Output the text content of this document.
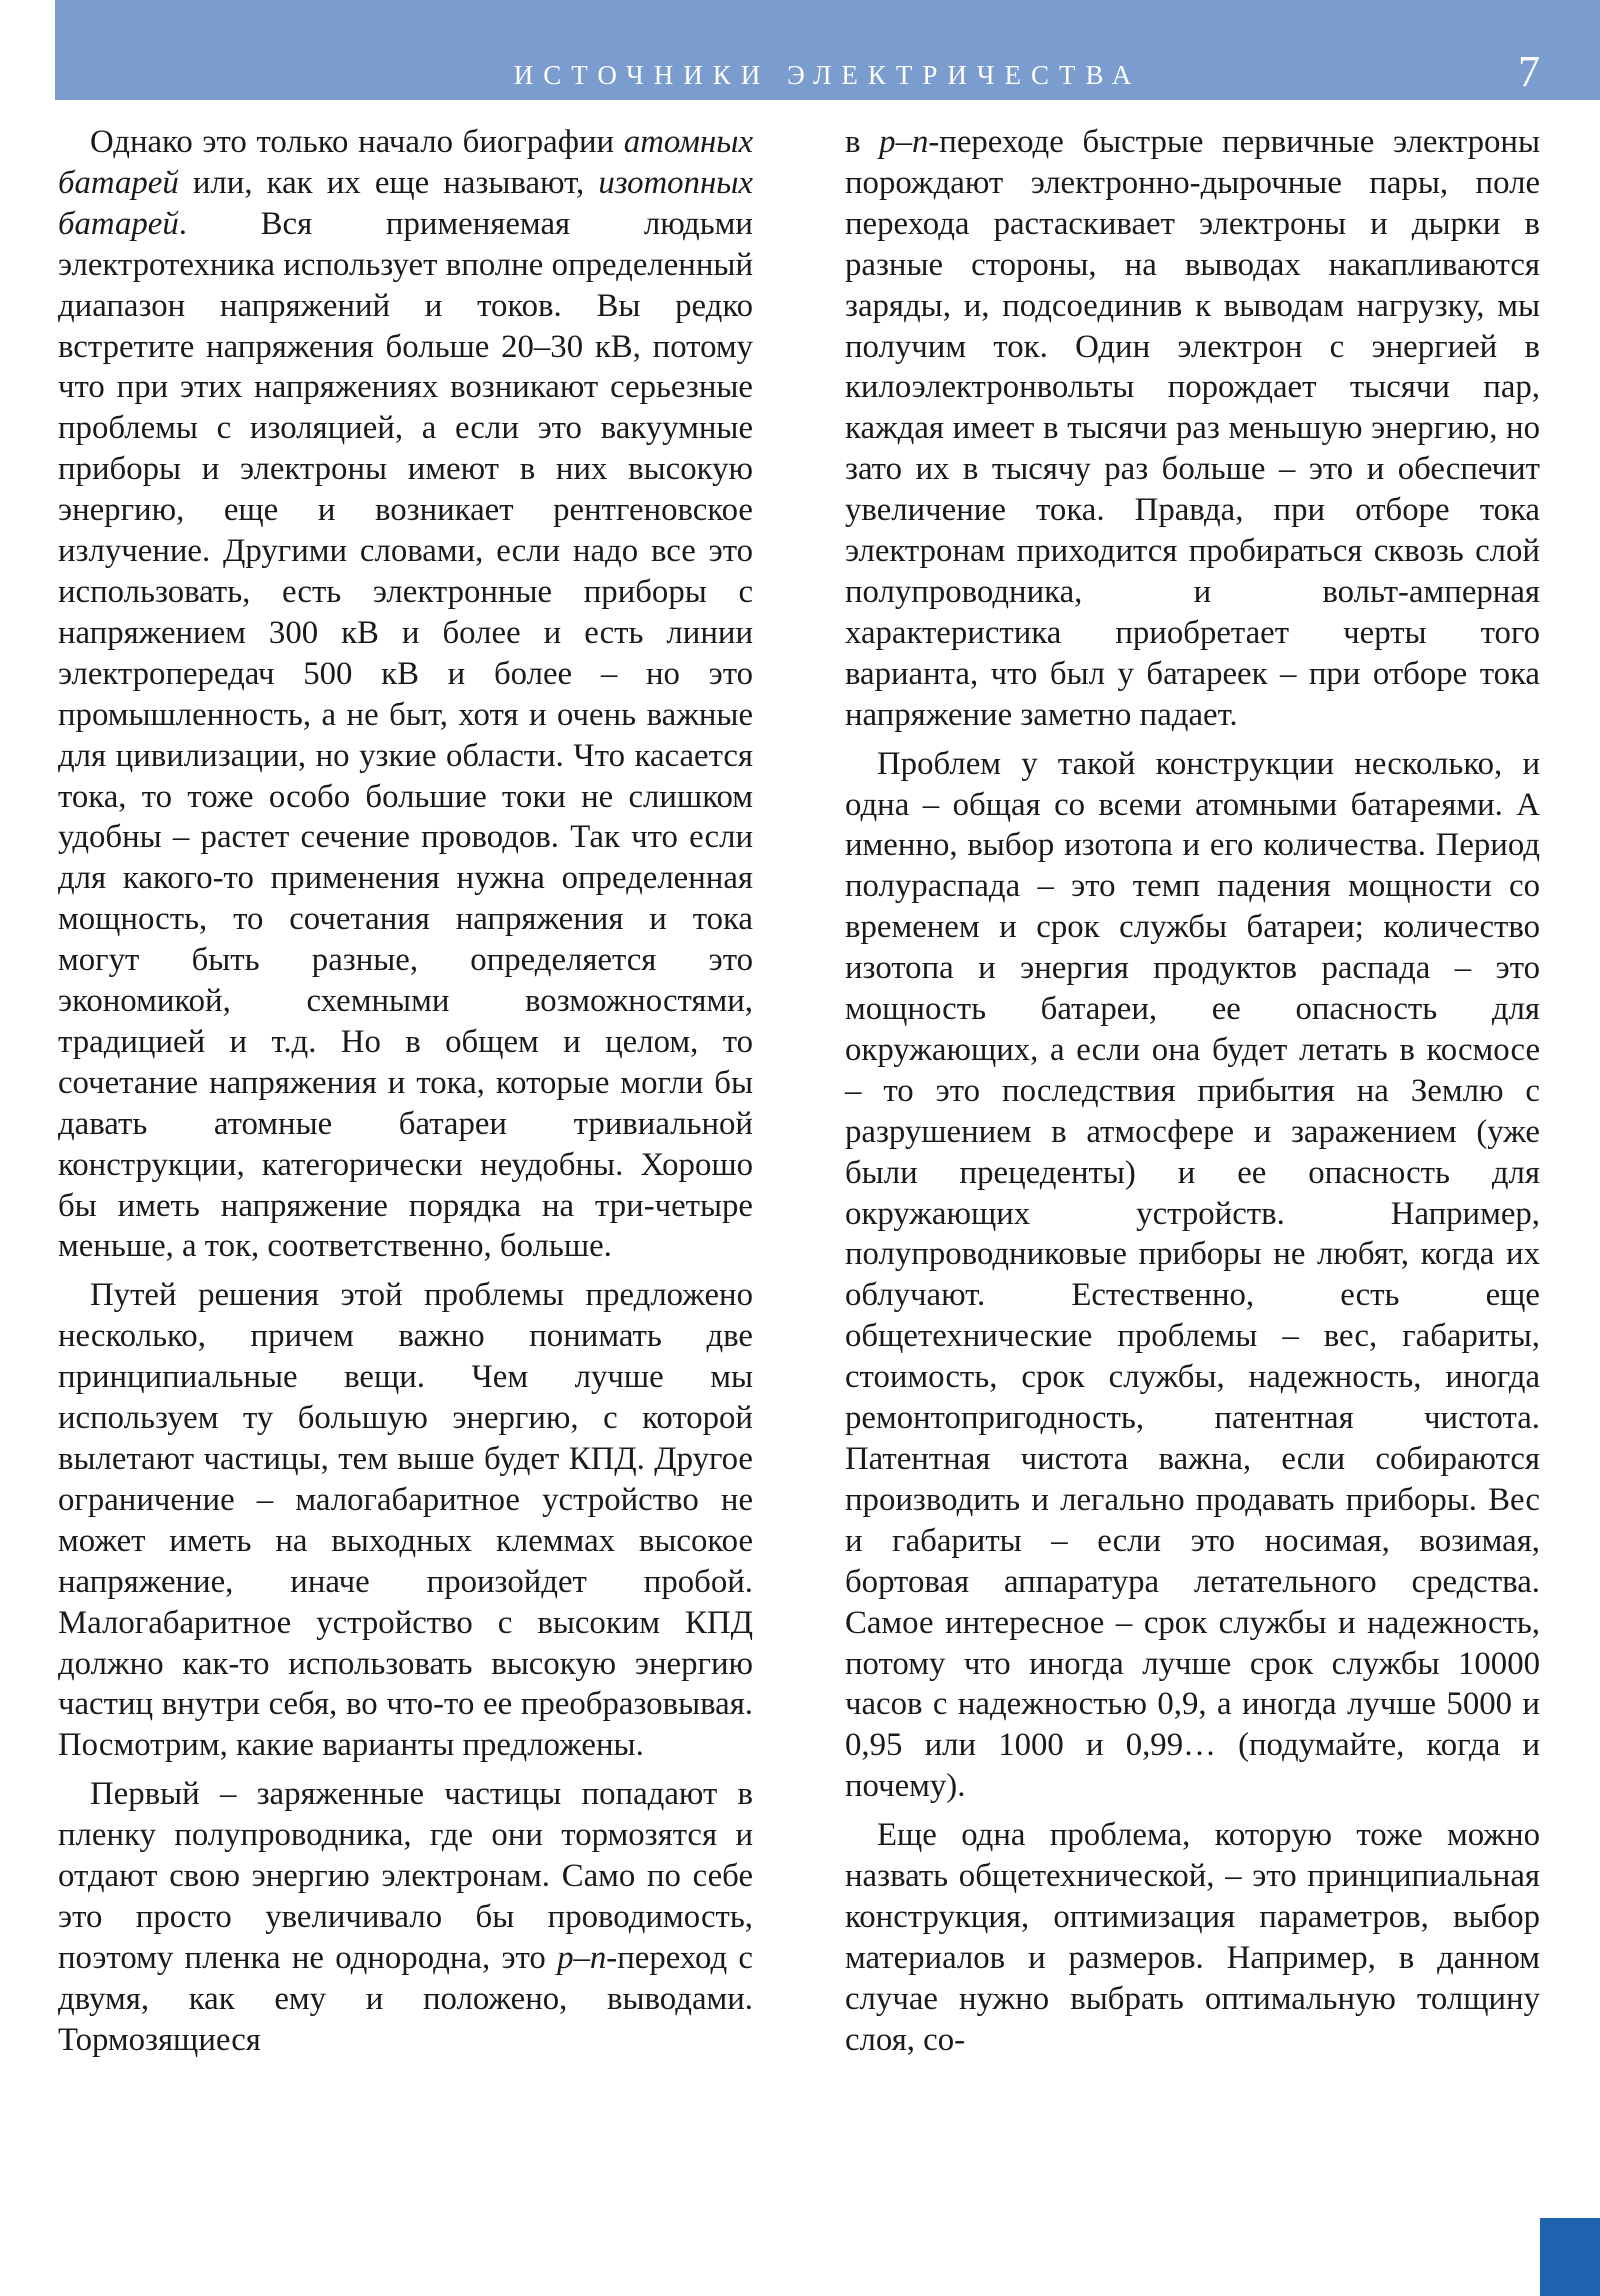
ИСТОЧНИКИ ЭЛЕКТРИЧЕСТВА	7

Однако это только начало биографии атомных батарей или, как их еще называют, изотопных батарей. Вся применяемая людьми электротехника использует вполне определенный диапазон напряжений и токов. Вы редко встретите напряжения больше 20–30 кВ, потому что при этих напряжениях возникают серьезные проблемы с изоляцией, а если это вакуумные приборы и электроны имеют в них высокую энергию, еще и возникает рентгеновское излучение. Другими словами, если надо все это использовать, есть электронные приборы с напряжением 300 кВ и более и есть линии электропередач 500 кВ и более – но это промышленность, а не быт, хотя и очень важные для цивилизации, но узкие области. Что касается тока, то тоже особо большие токи не слишком удобны – растет сечение проводов. Так что если для какого-то применения нужна определенная мощность, то сочетания напряжения и тока могут быть разные, определяется это экономикой, схемными возможностями, традицией и т.д. Но в общем и целом, то сочетание напряжения и тока, которые могли бы давать атомные батареи тривиальной конструкции, категорически неудобны. Хорошо бы иметь напряжение порядка на три-четыре меньше, а ток, соответственно, больше.

Путей решения этой проблемы предложено несколько, причем важно понимать две принципиальные вещи. Чем лучше мы используем ту большую энергию, с которой вылетают частицы, тем выше будет КПД. Другое ограничение – малогабаритное устройство не может иметь на выходных клеммах высокое напряжение, иначе произойдет пробой. Малогабаритное устройство с высоким КПД должно как-то использовать высокую энергию частиц внутри себя, во что-то ее преобразовывая. Посмотрим, какие варианты предложены.

Первый – заряженные частицы попадают в пленку полупроводника, где они тормозятся и отдают свою энергию электронам. Само по себе это просто увеличивало бы проводимость, поэтому пленка не однородна, это p–n-переход с двумя, как ему и положено, выводами. Тормозящиеся

в p–n-переходе быстрые первичные электроны порождают электронно-дырочные пары, поле перехода растаскивает электроны и дырки в разные стороны, на выводах накапливаются заряды, и, подсоединив к выводам нагрузку, мы получим ток. Один электрон с энергией в килоэлектронвольты порождает тысячи пар, каждая имеет в тысячи раз меньшую энергию, но зато их в тысячу раз больше – это и обеспечит увеличение тока. Правда, при отборе тока электронам приходится пробираться сквозь слой полупроводника, и вольт-амперная характеристика приобретает черты того варианта, что был у батареек – при отборе тока напряжение заметно падает.

Проблем у такой конструкции несколько, и одна – общая со всеми атомными батареями. А именно, выбор изотопа и его количества. Период полураспада – это темп падения мощности со временем и срок службы батареи; количество изотопа и энергия продуктов распада – это мощность батареи, ее опасность для окружающих, а если она будет летать в космосе – то это последствия прибытия на Землю с разрушением в атмосфере и заражением (уже были прецеденты) и ее опасность для окружающих устройств. Например, полупроводниковые приборы не любят, когда их облучают. Естественно, есть еще общетехнические проблемы – вес, габариты, стоимость, срок службы, надежность, иногда ремонтопригодность, патентная чистота. Патентная чистота важна, если собираются производить и легально продавать приборы. Вес и габариты – если это носимая, возимая, бортовая аппаратура летательного средства. Самое интересное – срок службы и надежность, потому что иногда лучше срок службы 10000 часов с надежностью 0,9, а иногда лучше 5000 и 0,95 или 1000 и 0,99… (подумайте, когда и почему).

Еще одна проблема, которую тоже можно назвать общетехнической, – это принципиальная конструкция, оптимизация параметров, выбор материалов и размеров. Например, в данном случае нужно выбрать оптимальную толщину слоя, со-
